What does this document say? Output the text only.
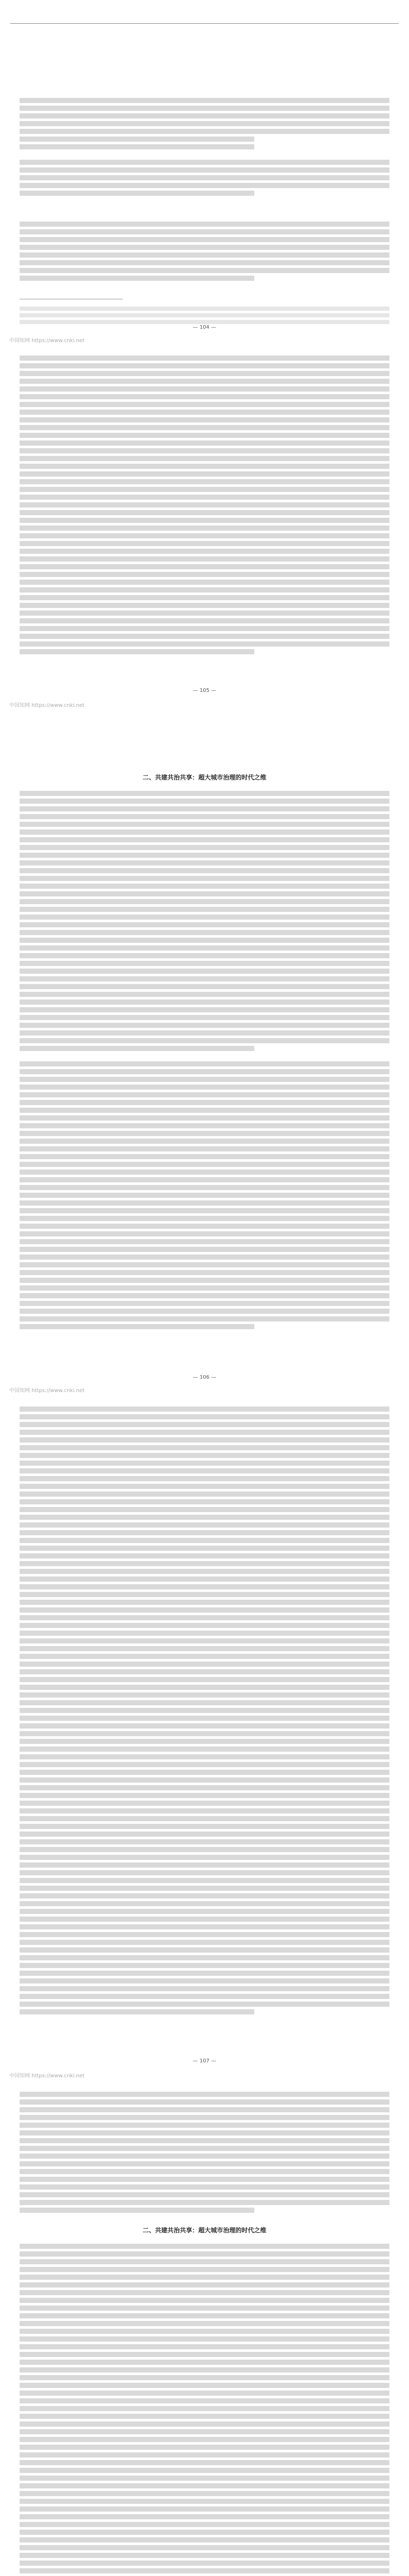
— 104 —
中国知网 https://www.cnki.net
— 105 —
中国知网 https://www.cnki.net
二、共建共治共享：超大城市治理的时代之维
— 106 —
中国知网 https://www.cnki.net
— 107 —
中国知网 https://www.cnki.net
二、共建共治共享：超大城市治理的时代之维
